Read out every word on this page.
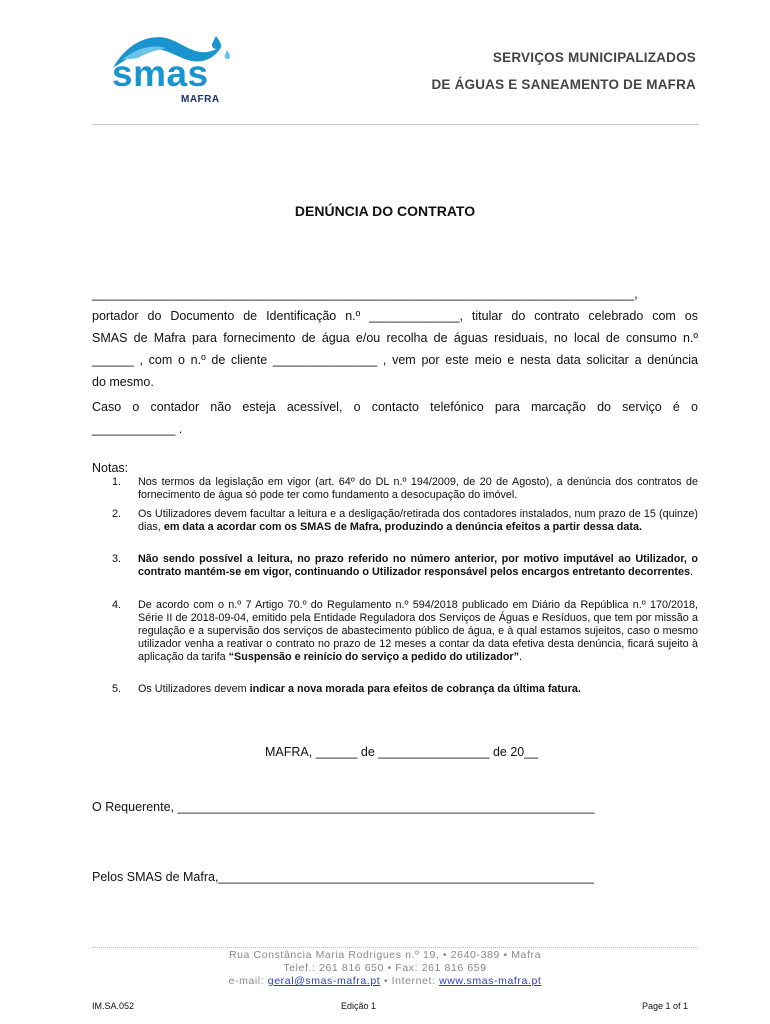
smas
MAFRA
SERVIÇOS MUNICIPALIZADOS
DE ÁGUAS E SANEAMENTO DE MAFRA
DENÚNCIA DO CONTRATO
______________________________________________________________________________,
portador do Documento de Identificação n.º _____________, titular do contrato celebrado com os
SMAS de Mafra para fornecimento de água e/ou recolha de águas residuais, no local de consumo n.º
______ , com o n.º de cliente _______________ , vem por este meio e nesta data solicitar a denúncia
do mesmo.
Caso o contador não esteja acessível, o contacto telefónico para marcação do serviço é o
____________ .
Notas:
1. Nos termos da legislação em vigor (art. 64º do DL n.º 194/2009, de 20 de Agosto), a denúncia dos contratos de fornecimento de água só pode ter como fundamento a desocupação do imóvel.
2. Os Utilizadores devem facultar a leitura e a desligação/retirada dos contadores instalados, num prazo de 15 (quinze) dias, em data a acordar com os SMAS de Mafra, produzindo a denúncia efeitos a partir dessa data.
3. Não sendo possível a leitura, no prazo referido no número anterior, por motivo imputável ao Utilizador, o contrato mantém-se em vigor, continuando o Utilizador responsável pelos encargos entretanto decorrentes.
4. De acordo com o n.º 7 Artigo 70.º do Regulamento n.º 594/2018 publicado em Diário da República n.º 170/2018, Série II de 2018-09-04, emitido pela Entidade Reguladora dos Serviços de Águas e Resíduos, que tem por missão a regulação e a supervisão dos serviços de abastecimento público de água, e à qual estamos sujeitos, caso o mesmo utilizador venha a reativar o contrato no prazo de 12 meses a contar da data efetiva desta denúncia, ficará sujeito à aplicação da tarifa “Suspensão e reinício do serviço a pedido do utilizador”.
5. Os Utilizadores devem indicar a nova morada para efeitos de cobrança da última fatura.
MAFRA, ______ de ________________ de 20__
O Requerente, ____________________________________________________________
Pelos SMAS de Mafra,______________________________________________________
Rua Constância Maria Rodrigues n.º 19, • 2640-389 • Mafra
Telef.: 261 816 650 • Fax: 261 816 659
e-mail: geral@smas-mafra.pt • Internet: www.smas-mafra.pt
IM.SA.052	Edição 1	Page 1 of 1
